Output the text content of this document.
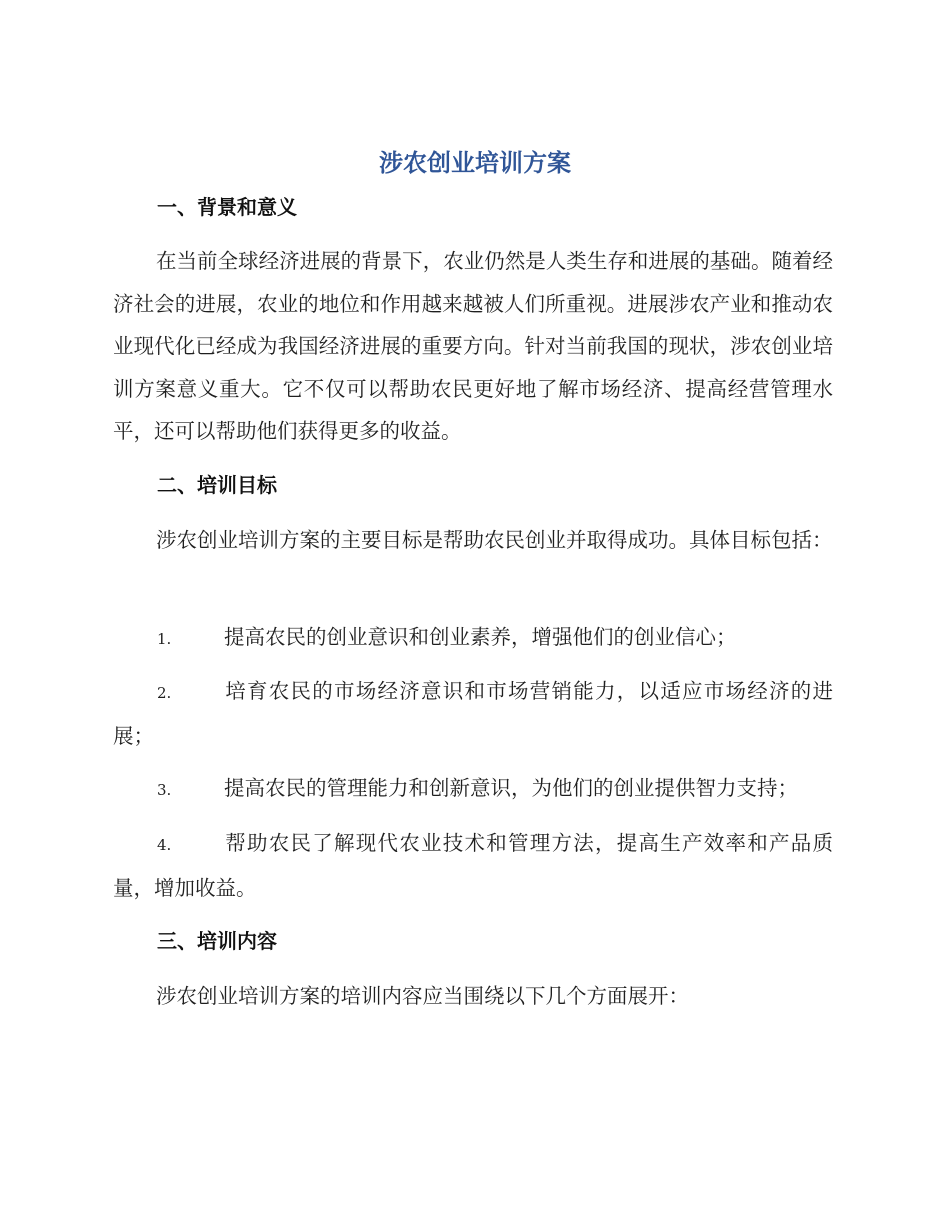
涉农创业培训方案
一、背景和意义

在当前全球经济进展的背景下，农业仍然是人类生存和进展的基础。随着经济社会的进展，农业的地位和作用越来越被人们所重视。进展涉农产业和推动农业现代化已经成为我国经济进展的重要方向。针对当前我国的现状，涉农创业培训方案意义重大。它不仅可以帮助农民更好地了解市场经济、提高经营管理水平，还可以帮助他们获得更多的收益。

二、培训目标

涉农创业培训方案的主要目标是帮助农民创业并取得成功。具体目标包括：

1.	提高农民的创业意识和创业素养，增强他们的创业信心；
2.	培育农民的市场经济意识和市场营销能力，以适应市场经济的进展；
3.	提高农民的管理能力和创新意识，为他们的创业提供智力支持；
4.	帮助农民了解现代农业技术和管理方法，提高生产效率和产品质量，增加收益。
三、培训内容

涉农创业培训方案的培训内容应当围绕以下几个方面展开：
